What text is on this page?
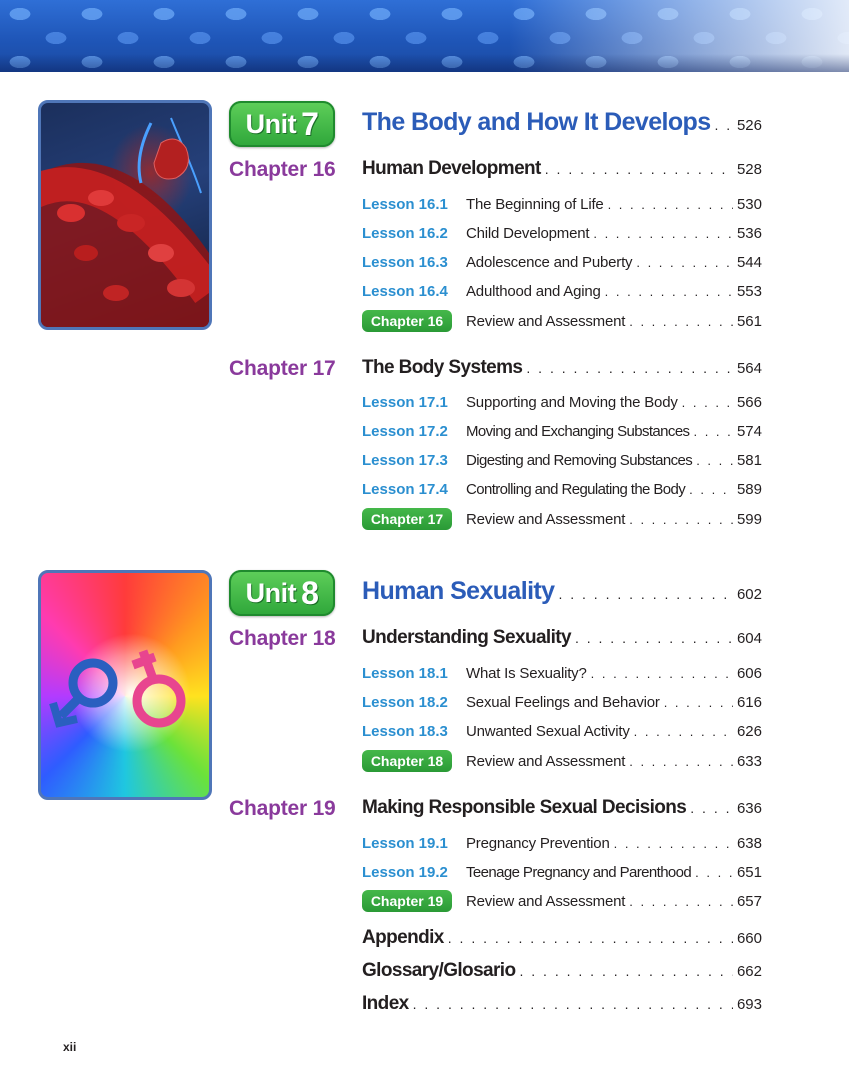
Unit 7 The Body and How It Develops . . . 526
Chapter 16 Human Development . . .	528
Lesson 16.1	The Beginning of Life . . .	530
Lesson 16.2	Child Development . . .	536
Lesson 16.3	Adolescence and Puberty . . .	544
Lesson 16.4	Adulthood and Aging . . .	553
Chapter 16	Review and Assessment . . .	561
Chapter 17 The Body Systems . . .	564
Lesson 17.1	Supporting and Moving the Body . . .	566
Lesson 17.2	Moving and Exchanging Substances . . .	574
Lesson 17.3	Digesting and Removing Substances . . .	581
Lesson 17.4	Controlling and Regulating the Body . . .	589
Chapter 17	Review and Assessment . . .	599
Unit 8 Human Sexuality . . .	602
Chapter 18 Understanding Sexuality . . .	604
Lesson 18.1	What Is Sexuality? . . .	606
Lesson 18.2	Sexual Feelings and Behavior . . .	616
Lesson 18.3	Unwanted Sexual Activity . . .	626
Chapter 18	Review and Assessment . . .	633
Chapter 19 Making Responsible Sexual Decisions . . .	636
Lesson 19.1	Pregnancy Prevention . . .	638
Lesson 19.2	Teenage Pregnancy and Parenthood . . .	651
Chapter 19	Review and Assessment . . .	657
Appendix . . .	660
Glossary/Glosario . . .	662
Index . . .	693
xii
